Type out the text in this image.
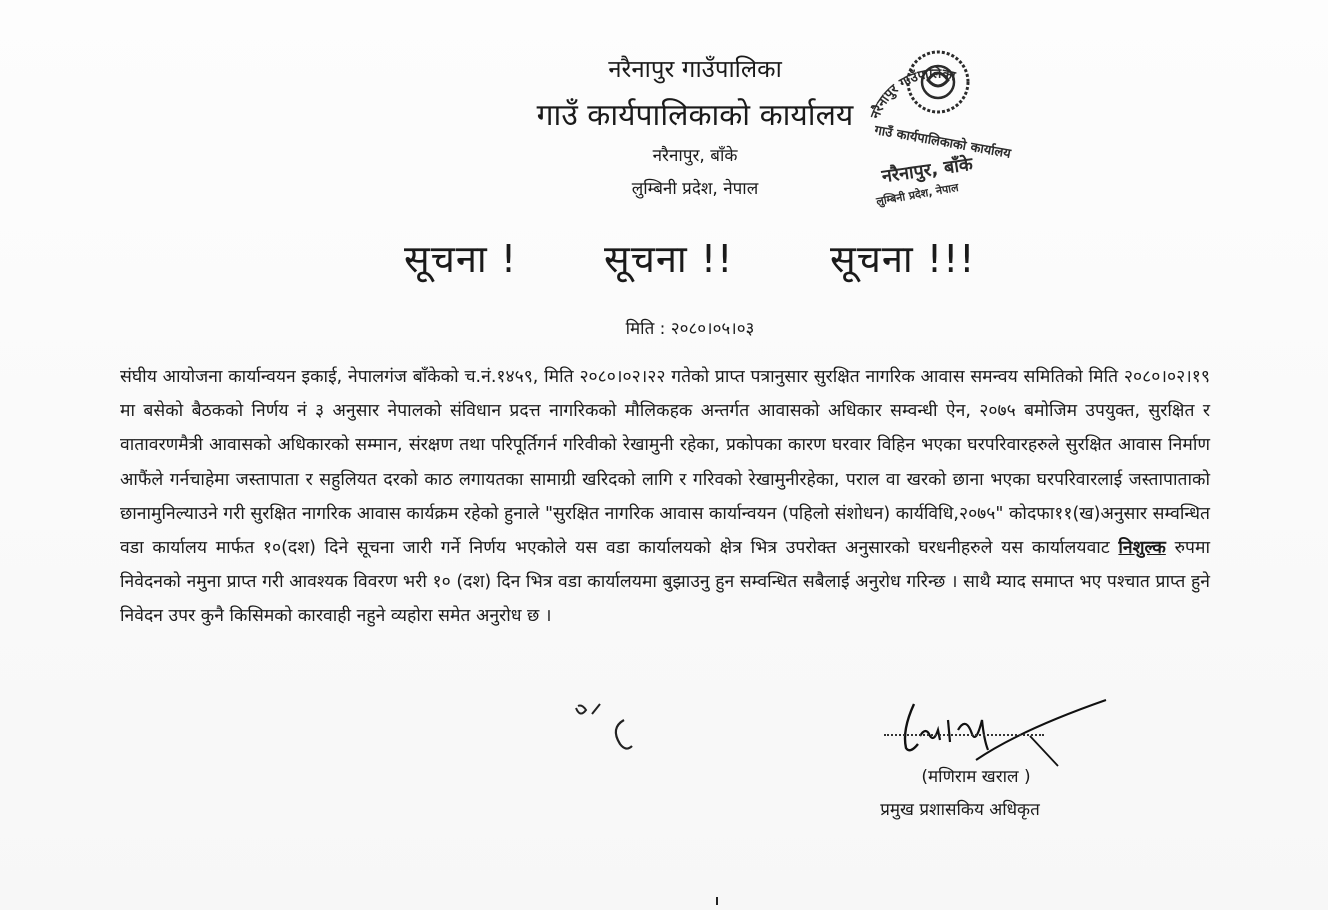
नरैनापुर गाउँपालिका
गाउँ कार्यपालिकाको कार्यालय
नरैनापुर, बाँके
लुम्बिनी प्रदेश, नेपाल
नरैनापुर गाउँपालिका
गाउँ कार्यपालिकाको कार्यालय
नरैनापुर, बाँके
लुम्बिनी प्रदेश, नेपाल
सूचना ! सूचना !!	सूचना !!!
मिति : २०८०।०५।०३
संघीय आयोजना कार्यान्वयन इकाई, नेपालगंज बाँकेको च.नं.१४५९, मिति २०८०।०२।२२ गतेको प्राप्त पत्रानुसार सुरक्षित नागरिक आवास समन्वय समितिको मिति २०८०।०२।१९ मा बसेको बैठकको निर्णय नं ३ अनुसार नेपालको संविधान प्रदत्त नागरिकको मौलिकहक अन्तर्गत आवासको अधिकार सम्वन्धी ऐन, २०७५ बमोजिम उपयुक्त, सुरक्षित र वातावरणमैत्री आवासको अधिकारको सम्मान, संरक्षण तथा परिपूर्तिगर्न गरिवीको रेखामुनी रहेका, प्रकोपका कारण घरवार विहिन भएका घरपरिवारहरुले सुरक्षित आवास निर्माण आफैंले गर्नचाहेमा जस्तापाता र सहुलियत दरको काठ लगायतका सामाग्री खरिदको लागि र गरिवको रेखामुनीरहेका, पराल वा खरको छाना भएका घरपरिवारलाई जस्तापाताको छानामुनिल्याउने गरी सुरक्षित नागरिक आवास कार्यक्रम रहेको हुनाले "सुरक्षित नागरिक आवास कार्यान्वयन (पहिलो संशोधन) कार्यविधि,२०७५" कोदफा११(ख)अनुसार सम्वन्धित वडा कार्यालय मार्फत १०(दश) दिने सूचना जारी गर्ने निर्णय भएकोले यस वडा कार्यालयको क्षेत्र भित्र उपरोक्त अनुसारको घरधनीहरुले यस कार्यालयवाट निशुल्क रुपमा निवेदनको नमुना प्राप्त गरी आवश्यक विवरण भरी १० (दश) दिन भित्र वडा कार्यालयमा बुझाउनु हुन सम्वन्धित सबैलाई अनुरोध गरिन्छ । साथै म्याद समाप्त भए पश्चात प्राप्त हुने निवेदन उपर कुनै किसिमको कारवाही नहुने व्यहोरा समेत अनुरोध छ ।
(मणिराम खराल )
प्रमुख प्रशासकिय अधिकृत
